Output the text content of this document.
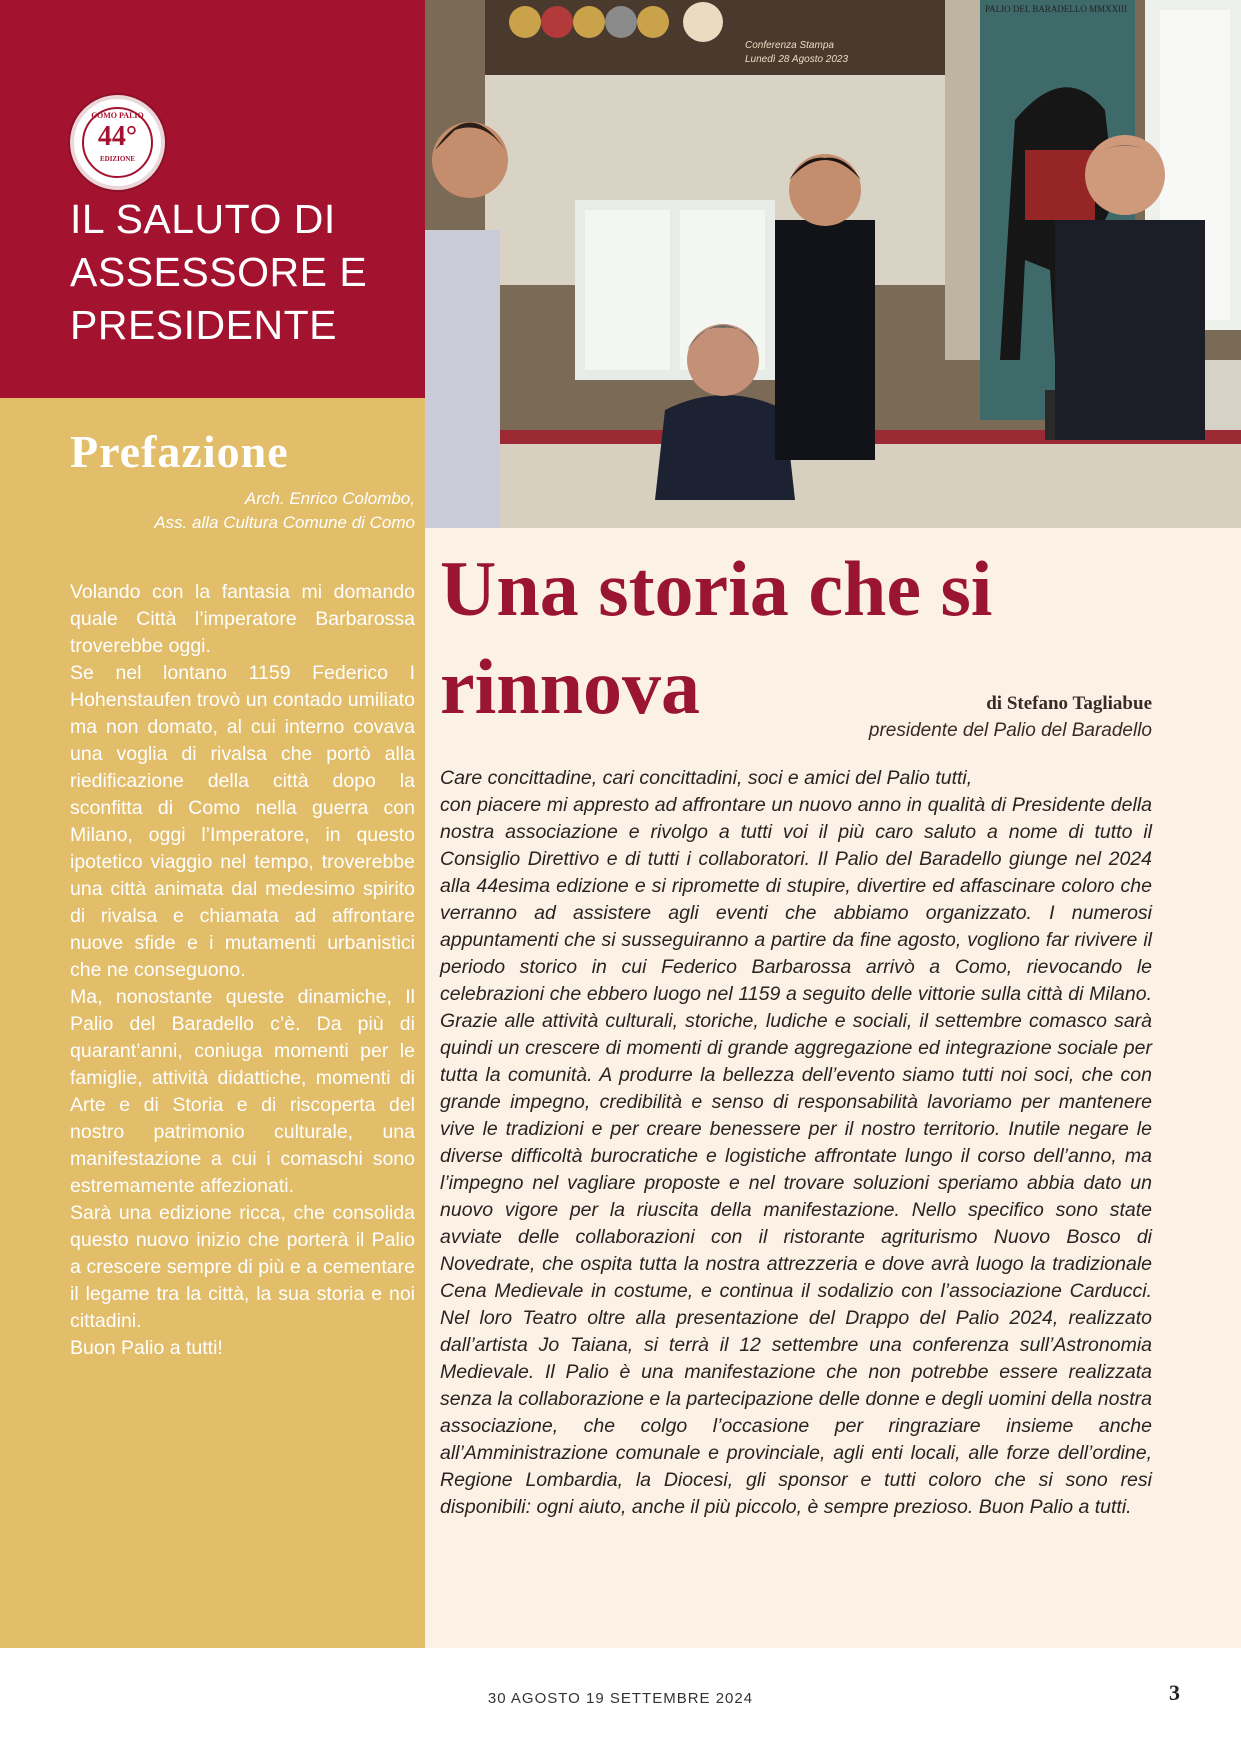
COMO PALIO
44°
EDIZIONE
IL SALUTO DI ASSESSORE E PRESIDENTE
Prefazione
Arch. Enrico Colombo,
Ass. alla Cultura Comune di Como

Volando con la fantasia mi domando quale Città l’imperatore Barbarossa troverebbe oggi.

Se nel lontano 1159 Federico I Hohenstaufen trovò un contado umiliato ma non domato, al cui interno covava una voglia di rivalsa che portò alla riedificazione della città dopo la sconfitta di Como nella guerra con Milano, oggi l’Imperatore, in questo ipotetico viaggio nel tempo, troverebbe una città animata dal medesimo spirito di rivalsa e chiamata ad affrontare nuove sfide e i mutamenti urbanistici che ne conseguono.

Ma, nonostante queste dinamiche, Il Palio del Baradello c’è. Da più di quarant’anni, coniuga momenti per le famiglie, attività didattiche, momenti di Arte e di Storia e di riscoperta del nostro patrimonio culturale, una manifestazione a cui i comaschi sono estremamente affezionati.

Sarà una edizione ricca, che consolida questo nuovo inizio che porterà il Palio a crescere sempre di più e a cementare il legame tra la città, la sua storia e noi cittadini.

Buon Palio a tutti!

Conferenza Stampa
Lunedì 28 Agosto 2023
PALIO DEL BARADELLO MMXXIII
Una storia che si rinnova	di Stefano Tagliabue
presidente del Palio del Baradello
Care concittadine, cari concittadini, soci e amici del Palio tutti,
con piacere mi appresto ad affrontare un nuovo anno in qualità di Presidente della nostra associazione e rivolgo a tutti voi il più caro saluto a nome di tutto il Consiglio Direttivo e di tutti i collaboratori. Il Palio del Baradello giunge nel 2024 alla 44esima edizione e si ripromette di stupire, divertire ed affascinare coloro che verranno ad assistere agli eventi che abbiamo organizzato. I numerosi appuntamenti che si susseguiranno a partire da fine agosto, vogliono far rivivere il periodo storico in cui Federico Barbarossa arrivò a Como, rievocando le celebrazioni che ebbero luogo nel 1159 a seguito delle vittorie sulla città di Milano. Grazie alle attività culturali, storiche, ludiche e sociali, il settembre comasco sarà quindi un crescere di momenti di grande aggregazione ed integrazione sociale per tutta la comunità. A produrre la bellezza dell’evento siamo tutti noi soci, che con grande impegno, credibilità e senso di responsabilità lavoriamo per mantenere vive le tradizioni e per creare benessere per il nostro territorio. Inutile negare le diverse difficoltà burocratiche e logistiche affrontate lungo il corso dell’anno, ma l’impegno nel vagliare proposte e nel trovare soluzioni speriamo abbia dato un nuovo vigore per la riuscita della manifestazione. Nello specifico sono state avviate delle collaborazioni con il ristorante agriturismo Nuovo Bosco di Novedrate, che ospita tutta la nostra attrezzeria e dove avrà luogo la tradizionale Cena Medievale in costume, e continua il sodalizio con l’associazione Carducci. Nel loro Teatro oltre alla presentazione del Drappo del Palio 2024, realizzato dall’artista Jo Taiana, si terrà il 12 settembre una conferenza sull’Astronomia Medievale. Il Palio è una manifestazione che non potrebbe essere realizzata senza la collaborazione e la partecipazione delle donne e degli uomini della nostra associazione, che colgo l’occasione per ringraziare insieme anche all’Amministrazione comunale e provinciale, agli enti locali, alle forze dell’ordine, Regione Lombardia, la Diocesi, gli sponsor e tutti coloro che si sono resi disponibili: ogni aiuto, anche il più piccolo, è sempre prezioso. Buon Palio a tutti.
30 AGOSTO 19 SETTEMBRE 2024	3
